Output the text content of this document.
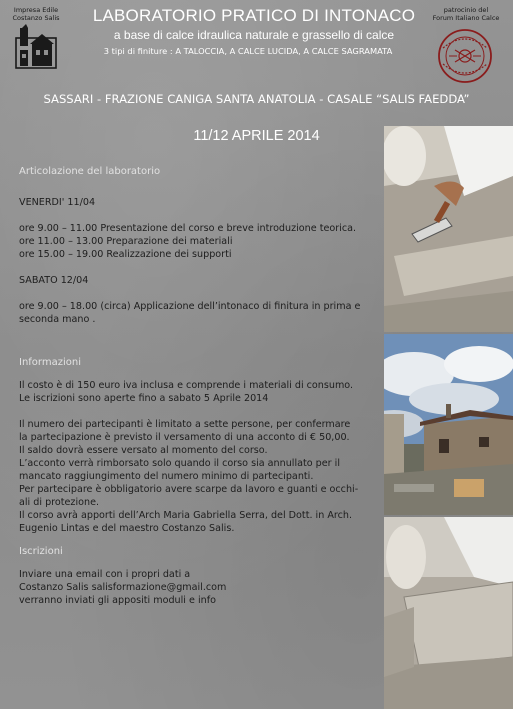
Impresa Edile
Costanzo Salis LABORATORIO PRATICO DI INTONACO
a base di calce idraulica naturale e grassello di calce
3 tipi di finiture : A TALOCCIA, A CALCE LUCIDA, A CALCE SAGRAMATA
patrocinio del
Forum Italiano Calce
SASSARI - FRAZIONE CANIGA SANTA ANATOLIA - CASALE “SALIS FAEDDA”
11/12 APRILE 2014
Articolazione del laboratorio
VENERDI' 11/04
ore 9.00 – 11.00 Presentazione del corso e breve introduzione teorica.
ore 11.00 – 13.00 Preparazione dei materiali
ore 15.00 – 19.00 Realizzazione dei supporti
SABATO 12/04
ore 9.00 – 18.00 (circa) Applicazione dell’intonaco di finitura in prima e
seconda mano .
Informazioni
Il costo è di 150 euro iva inclusa e comprende i materiali di consumo.
Le iscrizioni sono aperte fino a sabato 5 Aprile 2014
Il numero dei partecipanti è limitato a sette persone, per confermare
la partecipazione è previsto il versamento di una acconto di € 50,00.
Il saldo dovrà essere versato al momento del corso.
L’acconto verrà rimborsato solo quando il corso sia annullato per il
mancato raggiungimento del numero minimo di partecipanti.
Per partecipare è obbligatorio avere scarpe da lavoro e guanti e occhi-
ali di protezione.
Il corso avrà apporti dell’Arch Maria Gabriella Serra, del Dott. in Arch.
Eugenio Lintas e del maestro Costanzo Salis.
Iscrizioni
Inviare una email con i propri dati a
Costanzo Salis salisformazione@gmail.com
verranno inviati gli appositi moduli e info
